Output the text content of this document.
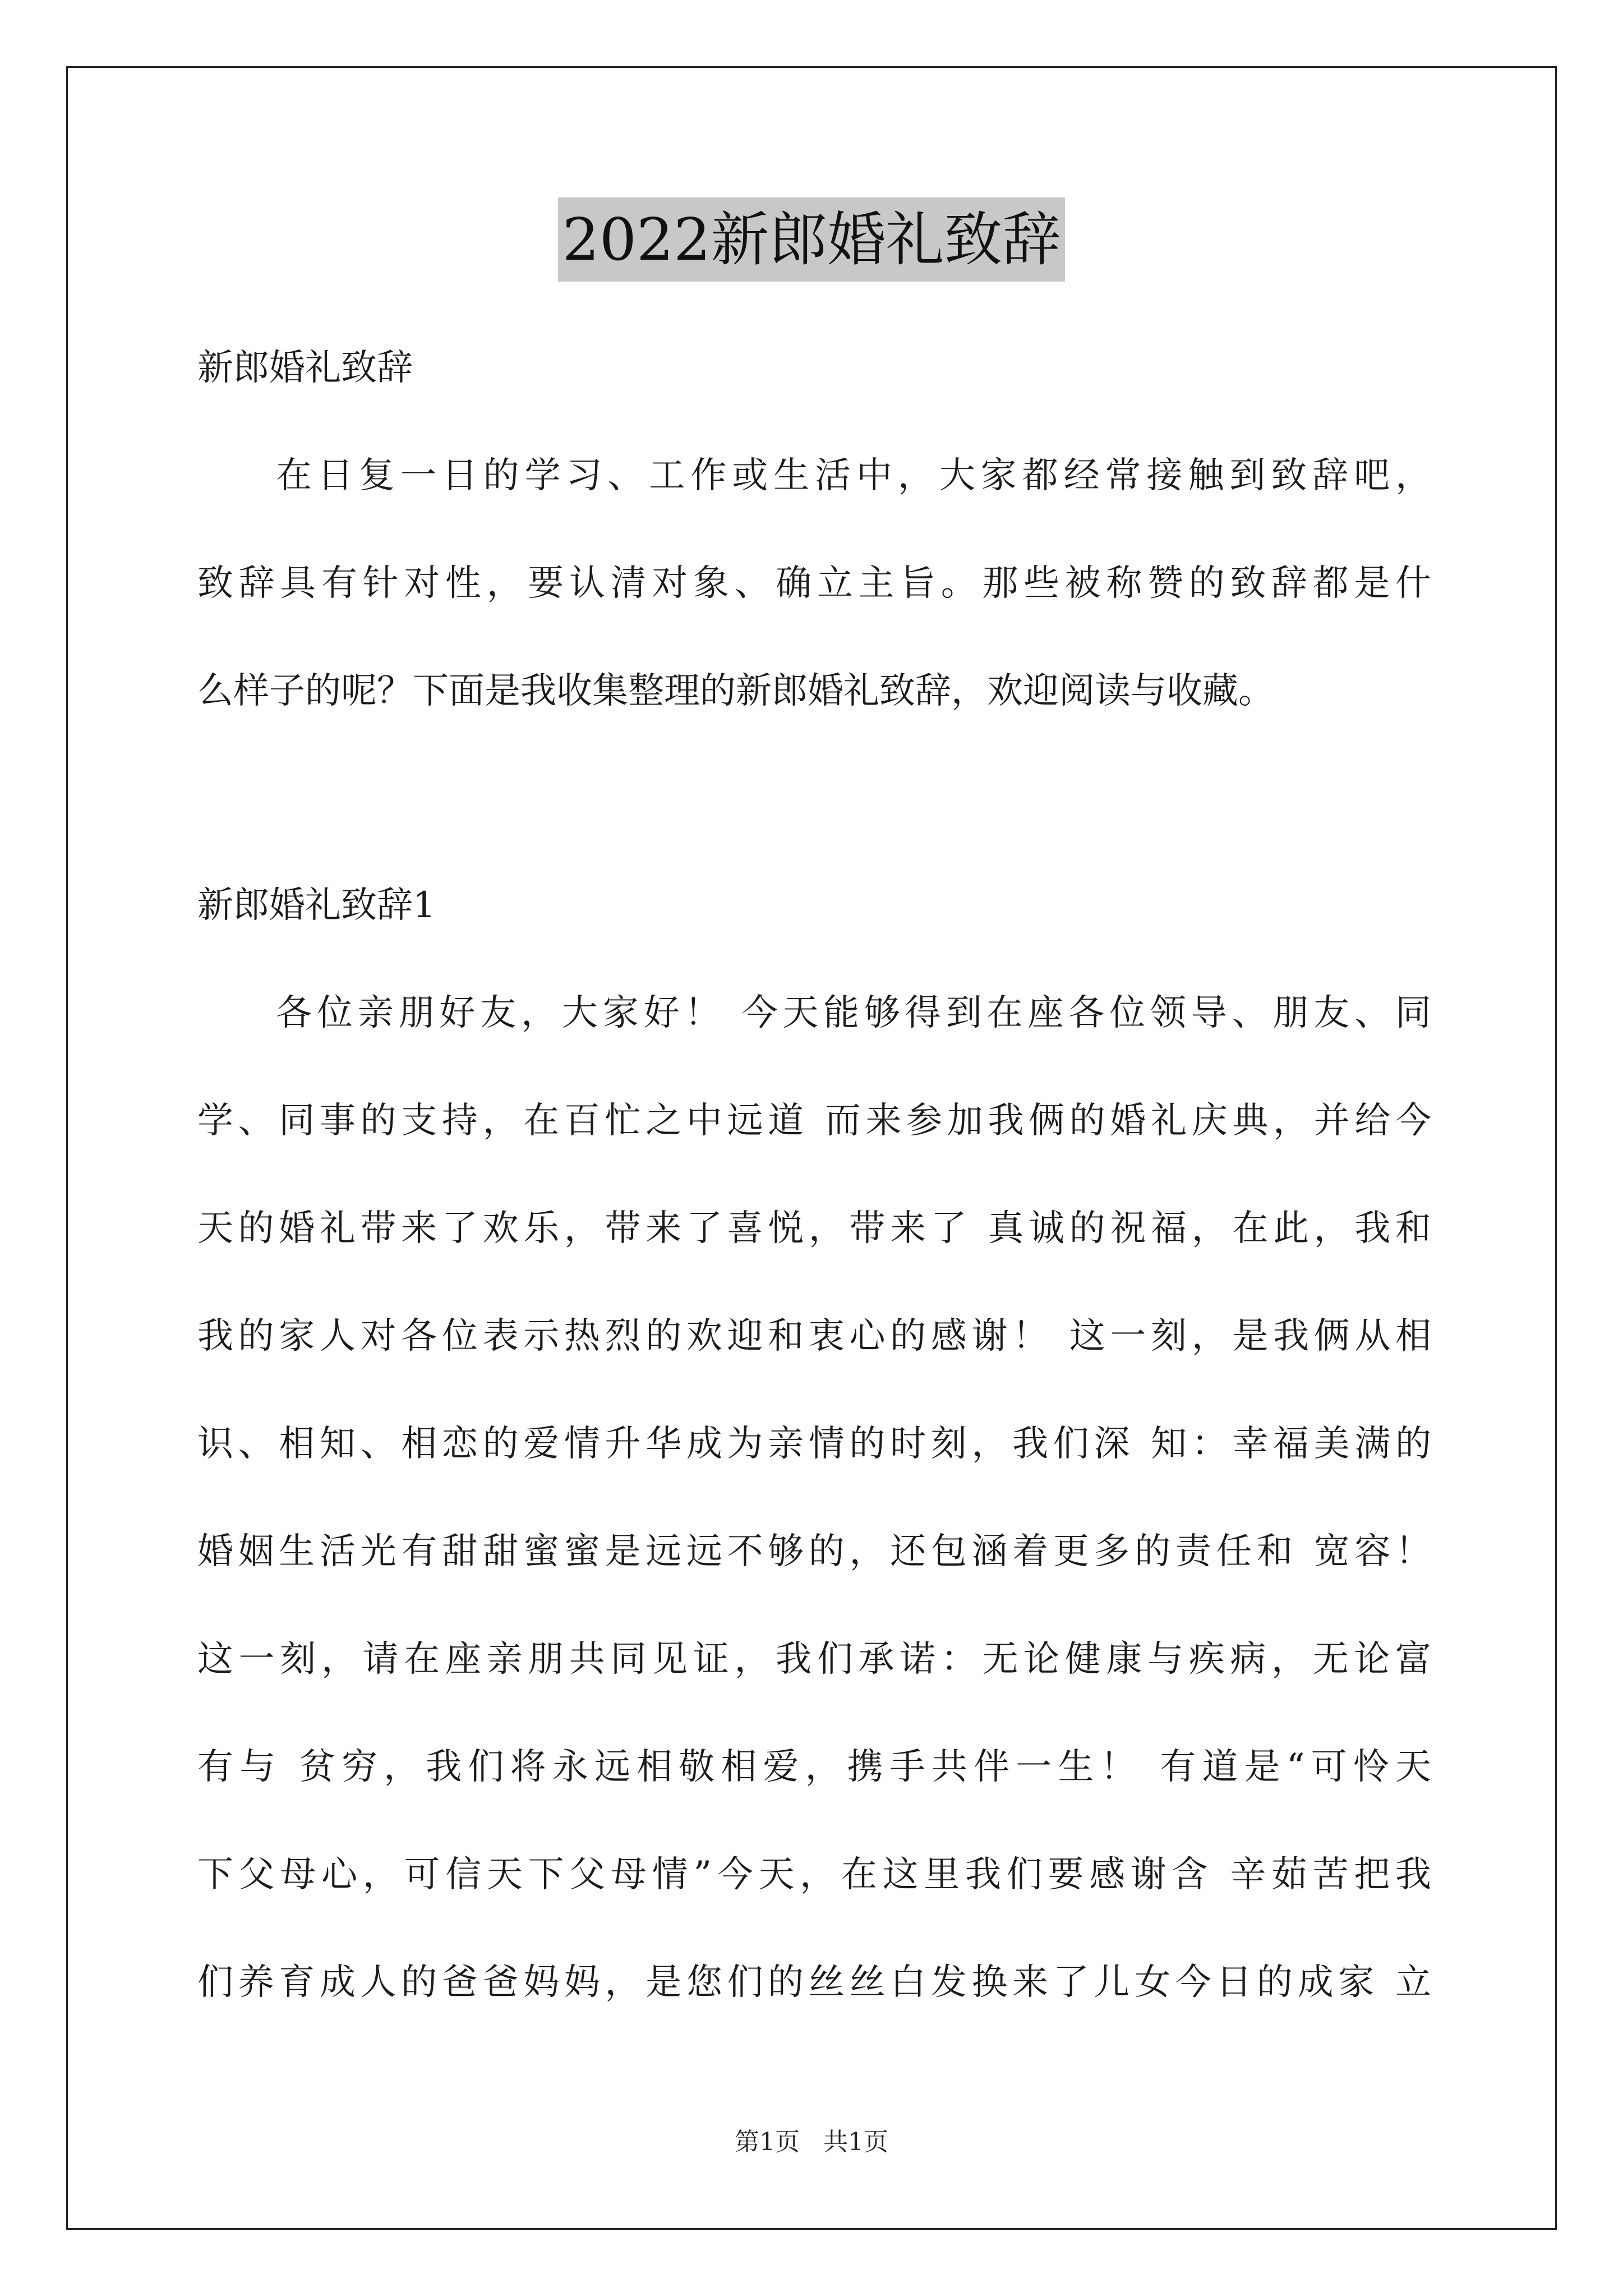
2022新郎婚礼致辞
新郎婚礼致辞
在日复一日的学习、工作或生活中，大家都经常接触到致辞吧，
致辞具有针对性，要认清对象、确立主旨。那些被称赞的致辞都是什
么样子的呢？下面是我收集整理的新郎婚礼致辞，欢迎阅读与收藏。
新郎婚礼致辞1
各位亲朋好友，大家好！ 今天能够得到在座各位领导、朋友、同
学、同事的支持，在百忙之中远道 而来参加我俩的婚礼庆典，并给今
天的婚礼带来了欢乐，带来了喜悦，带来了 真诚的祝福，在此，我和
我的家人对各位表示热烈的欢迎和衷心的感谢！ 这一刻，是我俩从相
识、相知、相恋的爱情升华成为亲情的时刻，我们深 知：幸福美满的
婚姻生活光有甜甜蜜蜜是远远不够的，还包涵着更多的责任和 宽容！
这一刻，请在座亲朋共同见证，我们承诺：无论健康与疾病，无论富
有与 贫穷，我们将永远相敬相爱，携手共伴一生！ 有道是“可怜天
下父母心，可信天下父母情”今天，在这里我们要感谢含 辛茹苦把我
们养育成人的爸爸妈妈，是您们的丝丝白发换来了儿女今日的成家 立
第1页 共1页
